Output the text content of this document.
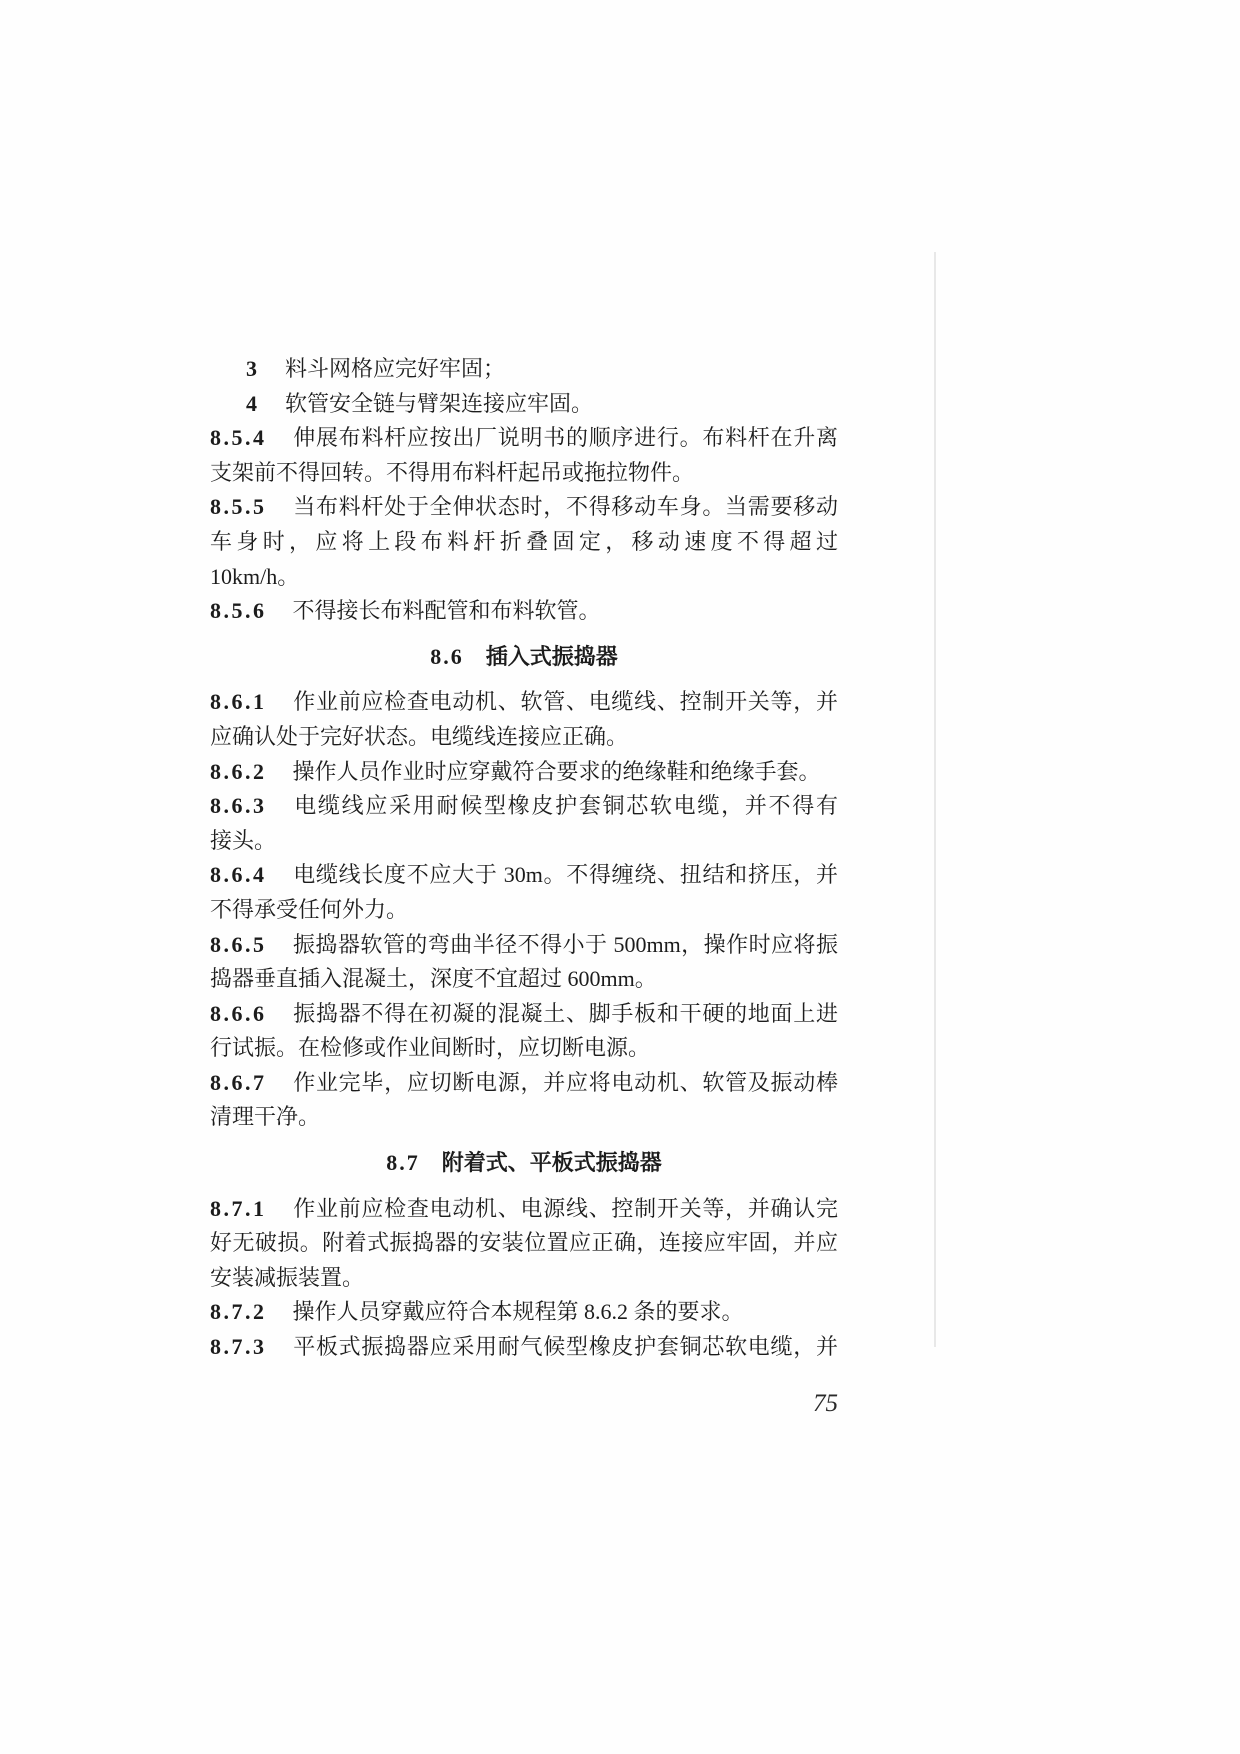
3 料斗网格应完好牢固；
4 软管安全链与臂架连接应牢固。
8.5.4 伸展布料杆应按出厂说明书的顺序进行。布料杆在升离
支架前不得回转。不得用布料杆起吊或拖拉物件。
8.5.5 当布料杆处于全伸状态时，不得移动车身。当需要移动
车身时，应将上段布料杆折叠固定，移动速度不得超过
10km/h。
8.5.6 不得接长布料配管和布料软管。
8.6 插入式振捣器
8.6.1 作业前应检查电动机、软管、电缆线、控制开关等，并
应确认处于完好状态。电缆线连接应正确。
8.6.2 操作人员作业时应穿戴符合要求的绝缘鞋和绝缘手套。
8.6.3 电缆线应采用耐候型橡皮护套铜芯软电缆，并不得有
接头。
8.6.4 电缆线长度不应大于 30m。不得缠绕、扭结和挤压，并
不得承受任何外力。
8.6.5 振捣器软管的弯曲半径不得小于 500mm，操作时应将振
捣器垂直插入混凝土，深度不宜超过 600mm。
8.6.6 振捣器不得在初凝的混凝土、脚手板和干硬的地面上进
行试振。在检修或作业间断时，应切断电源。
8.6.7 作业完毕，应切断电源，并应将电动机、软管及振动棒
清理干净。
8.7 附着式、平板式振捣器
8.7.1 作业前应检查电动机、电源线、控制开关等，并确认完
好无破损。附着式振捣器的安装位置应正确，连接应牢固，并应
安装减振装置。
8.7.2 操作人员穿戴应符合本规程第 8.6.2 条的要求。
8.7.3 平板式振捣器应采用耐气候型橡皮护套铜芯软电缆，并
75
